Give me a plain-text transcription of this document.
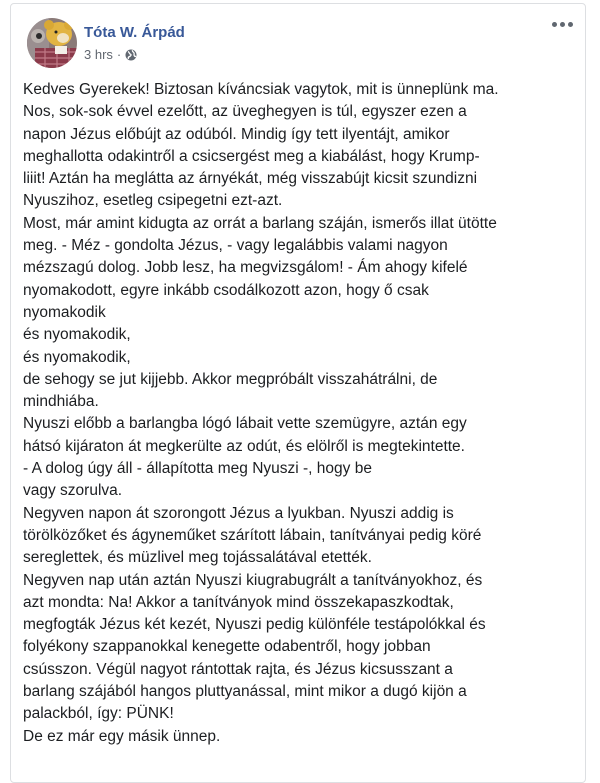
Tóta W. Árpád
3 hrs ·
Kedves Gyerekek! Biztosan kíváncsiak vagytok, mit is ünneplünk ma.
Nos, sok-sok évvel ezelőtt, az üveghegyen is túl, egyszer ezen a
napon Jézus előbújt az odúból. Mindig így tett ilyentájt, amikor
meghallotta odakintről a csicsergést meg a kiabálást, hogy Krump-
liiit! Aztán ha meglátta az árnyékát, még visszabújt kicsit szundizni
Nyuszihoz, esetleg csipegetni ezt-azt.
Most, már amint kidugta az orrát a barlang száján, ismerős illat ütötte
meg. - Méz - gondolta Jézus, - vagy legalábbis valami nagyon
mézszagú dolog. Jobb lesz, ha megvizsgálom! - Ám ahogy kifelé
nyomakodott, egyre inkább csodálkozott azon, hogy ő csak
nyomakodik
és nyomakodik,
és nyomakodik,
de sehogy se jut kijjebb. Akkor megpróbált visszahátrálni, de
mindhiába.
Nyuszi előbb a barlangba lógó lábait vette szemügyre, aztán egy
hátsó kijáraton át megkerülte az odút, és elölről is megtekintette.
- A dolog úgy áll - állapította meg Nyuszi -, hogy be
vagy szorulva.
Negyven napon át szorongott Jézus a lyukban. Nyuszi addig is
törölközőket és ágyneműket szárított lábain, tanítványai pedig köré
sereglettek, és müzlivel meg tojássalátával etették.
Negyven nap után aztán Nyuszi kiugrabugrált a tanítványokhoz, és
azt mondta: Na! Akkor a tanítványok mind összekapaszkodtak,
megfogták Jézus két kezét, Nyuszi pedig különféle testápolókkal és
folyékony szappanokkal kenegette odabentről, hogy jobban
csússzon. Végül nagyot rántottak rajta, és Jézus kicsusszant a
barlang szájából hangos pluttyanással, mint mikor a dugó kijön a
palackból, így: PÜNK!
De ez már egy másik ünnep.
